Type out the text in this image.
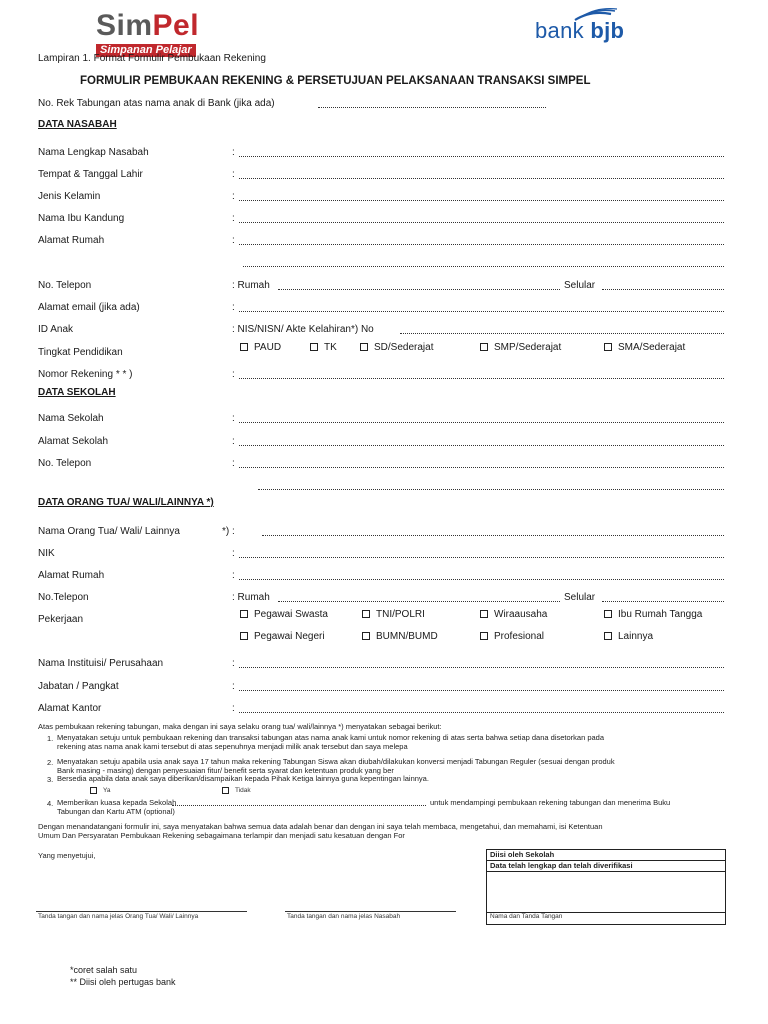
SimPel
Simpanan Pelajar
bank bjb
Lampiran 1. Format Formulir Pembukaan Rekening
FORMULIR PEMBUKAAN REKENING & PERSETUJUAN PELAKSANAAN TRANSAKSI SIMPEL
No. Rek Tabungan atas nama anak di Bank (jika ada)
DATA NASABAH
Nama Lengkap Nasabah	:
Tempat & Tanggal Lahir	:
Jenis Kelamin	:
Nama Ibu Kandung	:
Alamat Rumah	:
No. Telepon	: Rumah	Selular
Alamat email (jika ada)	:
ID Anak	: NIS/NISN/ Akte Kelahiran*) No
Tingkat Pendidikan	PAUD	TK	SD/Sederajat	SMP/Sederajat	SMA/Sederajat
Nomor Rekening * * )	:
DATA SEKOLAH
Nama Sekolah	:
Alamat Sekolah	:
No. Telepon	:
DATA ORANG TUA/ WALI/LAINNYA *)
Nama Orang Tua/ Wali/ Lainnya	*) :
NIK	:
Alamat Rumah	:
No.Telepon	: Rumah	Selular
Pekerjaan	Pegawai Swasta	TNI/POLRI	Wiraausaha	Ibu Rumah Tangga
Pegawai Negeri	BUMN/BUMD	Profesional	Lainnya
Nama Instituisi/ Perusahaan	:
Jabatan / Pangkat	:
Alamat Kantor	:
Atas pembukaan rekening tabungan, maka dengan ini saya selaku orang tua/ wali/lainnya *) menyatakan sebagai berikut:
1. Menyatakan setuju untuk pembukaan rekening dan transaksi tabungan atas nama anak kami untuk nomor rekening di atas serta bahwa setiap dana disetorkan pada
rekening atas nama anak kami tersebut di atas sepenuhnya menjadi milik anak tersebut dan saya melepa
2. Menyatakan setuju apabila usia anak saya 17 tahun maka rekening Tabungan Siswa akan diubah/dilakukan konversi menjadi Tabungan Reguler (sesuai dengan produk
Bank masing - masing) dengan penyesuaian fitur/ benefit serta syarat dan ketentuan produk yang ber
3. Bersedia apabila data anak saya diberikan/disampaikan kepada Pihak Ketiga lainnya guna kepentingan lainnya.
Ya	Tidak
4. Memberikan kuasa kepada Sekolah	untuk mendampingi pembukaan rekening tabungan dan menerima Buku
Tabungan dan Kartu ATM (optional)
Dengan menandatangani formulir ini, saya menyatakan bahwa semua data adalah benar dan dengan ini saya telah membaca, mengetahui, dan memahami, isi Ketentuan
Umum Dan Persyaratan Pembukaan Rekening sebagaimana terlampir dan menjadi satu kesatuan dengan For
Yang menyetujui,	Diisi oleh Sekolah
Data telah lengkap dan telah diverifikasi
Nama dan Tanda Tangan
Tanda tangan dan nama jelas Orang Tua/ Wali/ Lainnya	Tanda tangan dan nama jelas Nasabah
*coret salah satu
** Diisi oleh pertugas bank
